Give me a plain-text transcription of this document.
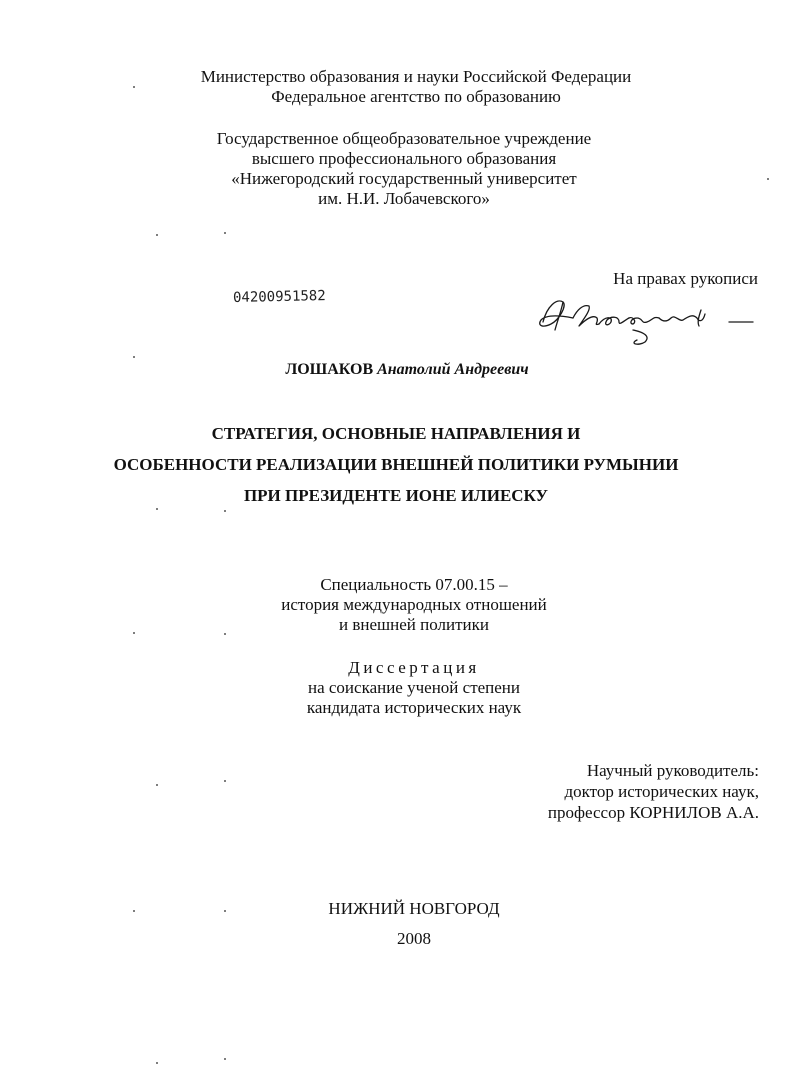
Министерство образования и науки Российской Федерации
Федеральное агентство по образованию
Государственное общеобразовательное учреждение
высшего профессионального образования
«Нижегородский государственный университет
им. Н.И. Лобачевского»
На правах рукописи
04200951582
ЛОШАКОВ Анатолий Андреевич
СТРАТЕГИЯ, ОСНОВНЫЕ НАПРАВЛЕНИЯ И
ОСОБЕННОСТИ РЕАЛИЗАЦИИ ВНЕШНЕЙ ПОЛИТИКИ РУМЫНИИ
ПРИ ПРЕЗИДЕНТЕ ИОНЕ ИЛИЕСКУ
Специальность 07.00.15 –
история международных отношений
и внешней политики
Диссертация
на соискание ученой степени
кандидата исторических наук
Научный руководитель:
доктор исторических наук,
профессор КОРНИЛОВ А.А.
НИЖНИЙ НОВГОРОД
2008
